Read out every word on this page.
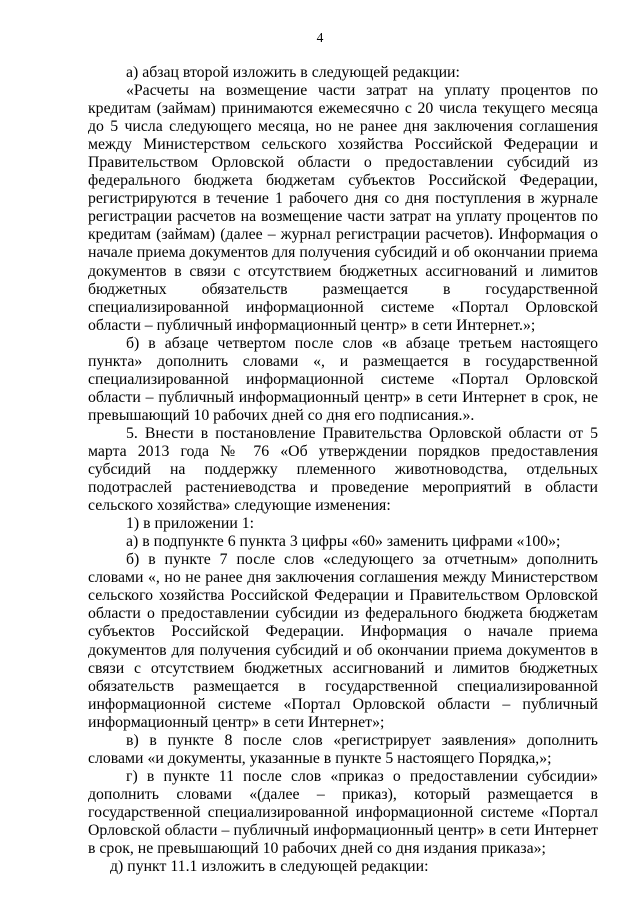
4

а) абзац второй изложить в следующей редакции:

«Расчеты на возмещение части затрат на уплату процентов по кредитам (займам) принимаются ежемесячно с 20 числа текущего месяца до 5 числа следующего месяца, но не ранее дня заключения соглашения между Министерством сельского хозяйства Российской Федерации и Правительством Орловской области о предоставлении субсидий из федерального бюджета бюджетам субъектов Российской Федерации, регистрируются в течение 1 рабочего дня со дня поступления в журнале регистрации расчетов на возмещение части затрат на уплату процентов по кредитам (займам) (далее – журнал регистрации расчетов). Информация о начале приема документов для получения субсидий и об окончании приема документов в связи с отсутствием бюджетных ассигнований и лимитов бюджетных обязательств размещается в государственной специализированной информационной системе «Портал Орловской области – публичный информационный центр» в сети Интернет.»;

б) в абзаце четвертом после слов «в абзаце третьем настоящего пункта» дополнить словами «, и размещается в государственной специализированной информационной системе «Портал Орловской области – публичный информационный центр» в сети Интернет в срок, не превышающий 10 рабочих дней со дня его подписания.».

5. Внести в постановление Правительства Орловской области от 5 марта 2013 года № 76 «Об утверждении порядков предоставления субсидий на поддержку племенного животноводства, отдельных подотраслей растениеводства и проведение мероприятий в области сельского хозяйства» следующие изменения:

1) в приложении 1:

а) в подпункте 6 пункта 3 цифры «60» заменить цифрами «100»;

б) в пункте 7 после слов «следующего за отчетным» дополнить словами «, но не ранее дня заключения соглашения между Министерством сельского хозяйства Российской Федерации и Правительством Орловской области о предоставлении субсидии из федерального бюджета бюджетам субъектов Российской Федерации. Информация о начале приема документов для получения субсидий и об окончании приема документов в связи с отсутствием бюджетных ассигнований и лимитов бюджетных обязательств размещается в государственной специализированной информационной системе «Портал Орловской области – публичный информационный центр» в сети Интернет»;

в) в пункте 8 после слов «регистрирует заявления» дополнить словами «и документы, указанные в пункте 5 настоящего Порядка,»;

г) в пункте 11 после слов «приказ о предоставлении субсидии» дополнить словами «(далее – приказ), который размещается в государственной специализированной информационной системе «Портал Орловской области – публичный информационный центр» в сети Интернет в срок, не превышающий 10 рабочих дней со дня издания приказа»;

д) пункт 11.1 изложить в следующей редакции:
